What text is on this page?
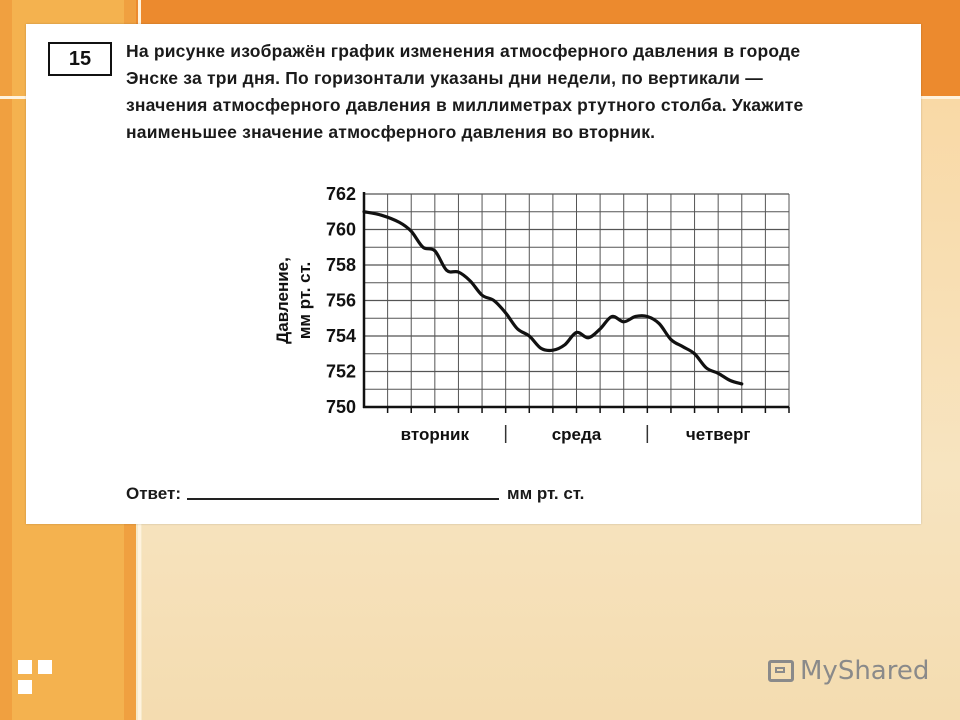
15	На рисунке изображён график изменения атмосферного давления в городе
Энске за три дня. По горизонтали указаны дни недели, по вертикали —
значения атмосферного давления в миллиметрах ртутного столба. Укажите
наименьшее значение атмосферного давления во вторник.
750
752
754
756
758
760
762
вторник	среда	четверг
Давление, мм рт. ст.
Ответ:	мм рт. ст.
MyShared
